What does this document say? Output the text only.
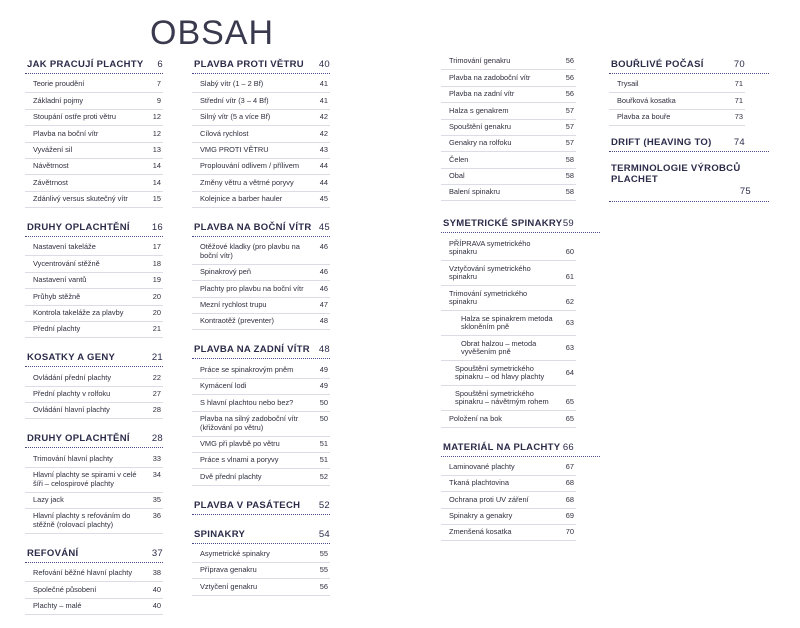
OBSAH
JAK PRACUJÍ PLACHTY 6
Teorie proudění	7
Základní pojmy	9
Stoupání ostře proti větru	12
Plavba na boční vítr	12
Vyvážení sil	13
Návětrnost	14
Závětrnost	14
Zdánlivý versus skutečný vítr	15
DRUHY OPLACHTĚNÍ 16
Nastavení takeláže	17
Vycentrování stěžně	18
Nastavení vantů	19
Průhyb stěžně	20
Kontrola takeláže za plavby	20
Přední plachty	21
KOSATKY A GENY	21
Ovládání přední plachty	22
Přední plachty v rolfoku	27
Ovládání hlavní plachty	28
DRUHY OPLACHTĚNÍ 28
Trimování hlavní plachty	33
Hlavní plachty se spirami v celé šíři – celospirové plachty
34
Lazy jack	35
Hlavní plachty s refováním do stěžně (rolovací plachty)
36
REFOVÁNÍ	37
Refování běžné hlavní plachty	38
Společné působení	40
Plachty – malé	40
PLAVBA PROTI VĚTRU 40
Slabý vítr (1 – 2 Bf)	41
Střední vítr (3 – 4 Bf)	41
Silný vítr (5 a více Bf)	42
Cílová rychlost	42
VMG PROTI VĚTRU	43
Proplouvání odlivem / přílivem	44
Změny větru a větrné poryvy	44
Kolejnice a barber hauler	45
PLAVBA NA BOČNÍ VÍTR 45
Otěžové kladky (pro plavbu na boční vítr)
46
Spinakrový peň	46
Plachty pro plavbu na boční vítr	46
Mezní rychlost trupu	47
Kontraotěž (preventer)	48
PLAVBA NA ZADNÍ VÍTR 48
Práce se spinakrovým pněm	49
Kymácení lodi	49
S hlavní plachtou nebo bez?	50
Plavba na silný zadoboční vítr (křižování po větru)
50
VMG při plavbě po větru	51
Práce s vlnami a poryvy	51
Dvě přední plachty	52
PLAVBA V PASÁTECH 52
SPINAKRY	54
Asymetrické spinakry	55
Příprava genakru	55
Vztyčení genakru	56
Trimování genakru	56
Plavba na zadoboční vítr	56
Plavba na zadní vítr	56
Halza s genakrem	57
Spouštění genakru	57
Genakry na rolfoku	57
Čelen	58
Obal	58
Balení spinakru	58
SYMETRICKÉ SPINAKRY 59
PŘÍPRAVA symetrického spinakru	60
Vztyčování symetrického spinakru	61
Trimování symetrického spinakru	62
Halza se spinakrem metoda skloněním pně	63
Obrat halzou – metoda vyvěšením pně	63
Spouštění symetrického spinakru – od hlavy plachty	64
Spouštění symetrického spinakru – návětrným rohem	65
Položení na bok	65
MATERIÁL NA PLACHTY 66
Laminované plachty	67
Tkaná plachtovina	68
Ochrana proti UV záření	68
Spinakry a genakry	69
Zmenšená kosatka	70
BOUŘLIVÉ POČASÍ	70
Trysail	71
Bouřková kosatka	71
Plavba za bouře	73
DRIFT (HEAVING TO) 74
TERMINOLOGIE VÝROBCŮ PLACHET
75
